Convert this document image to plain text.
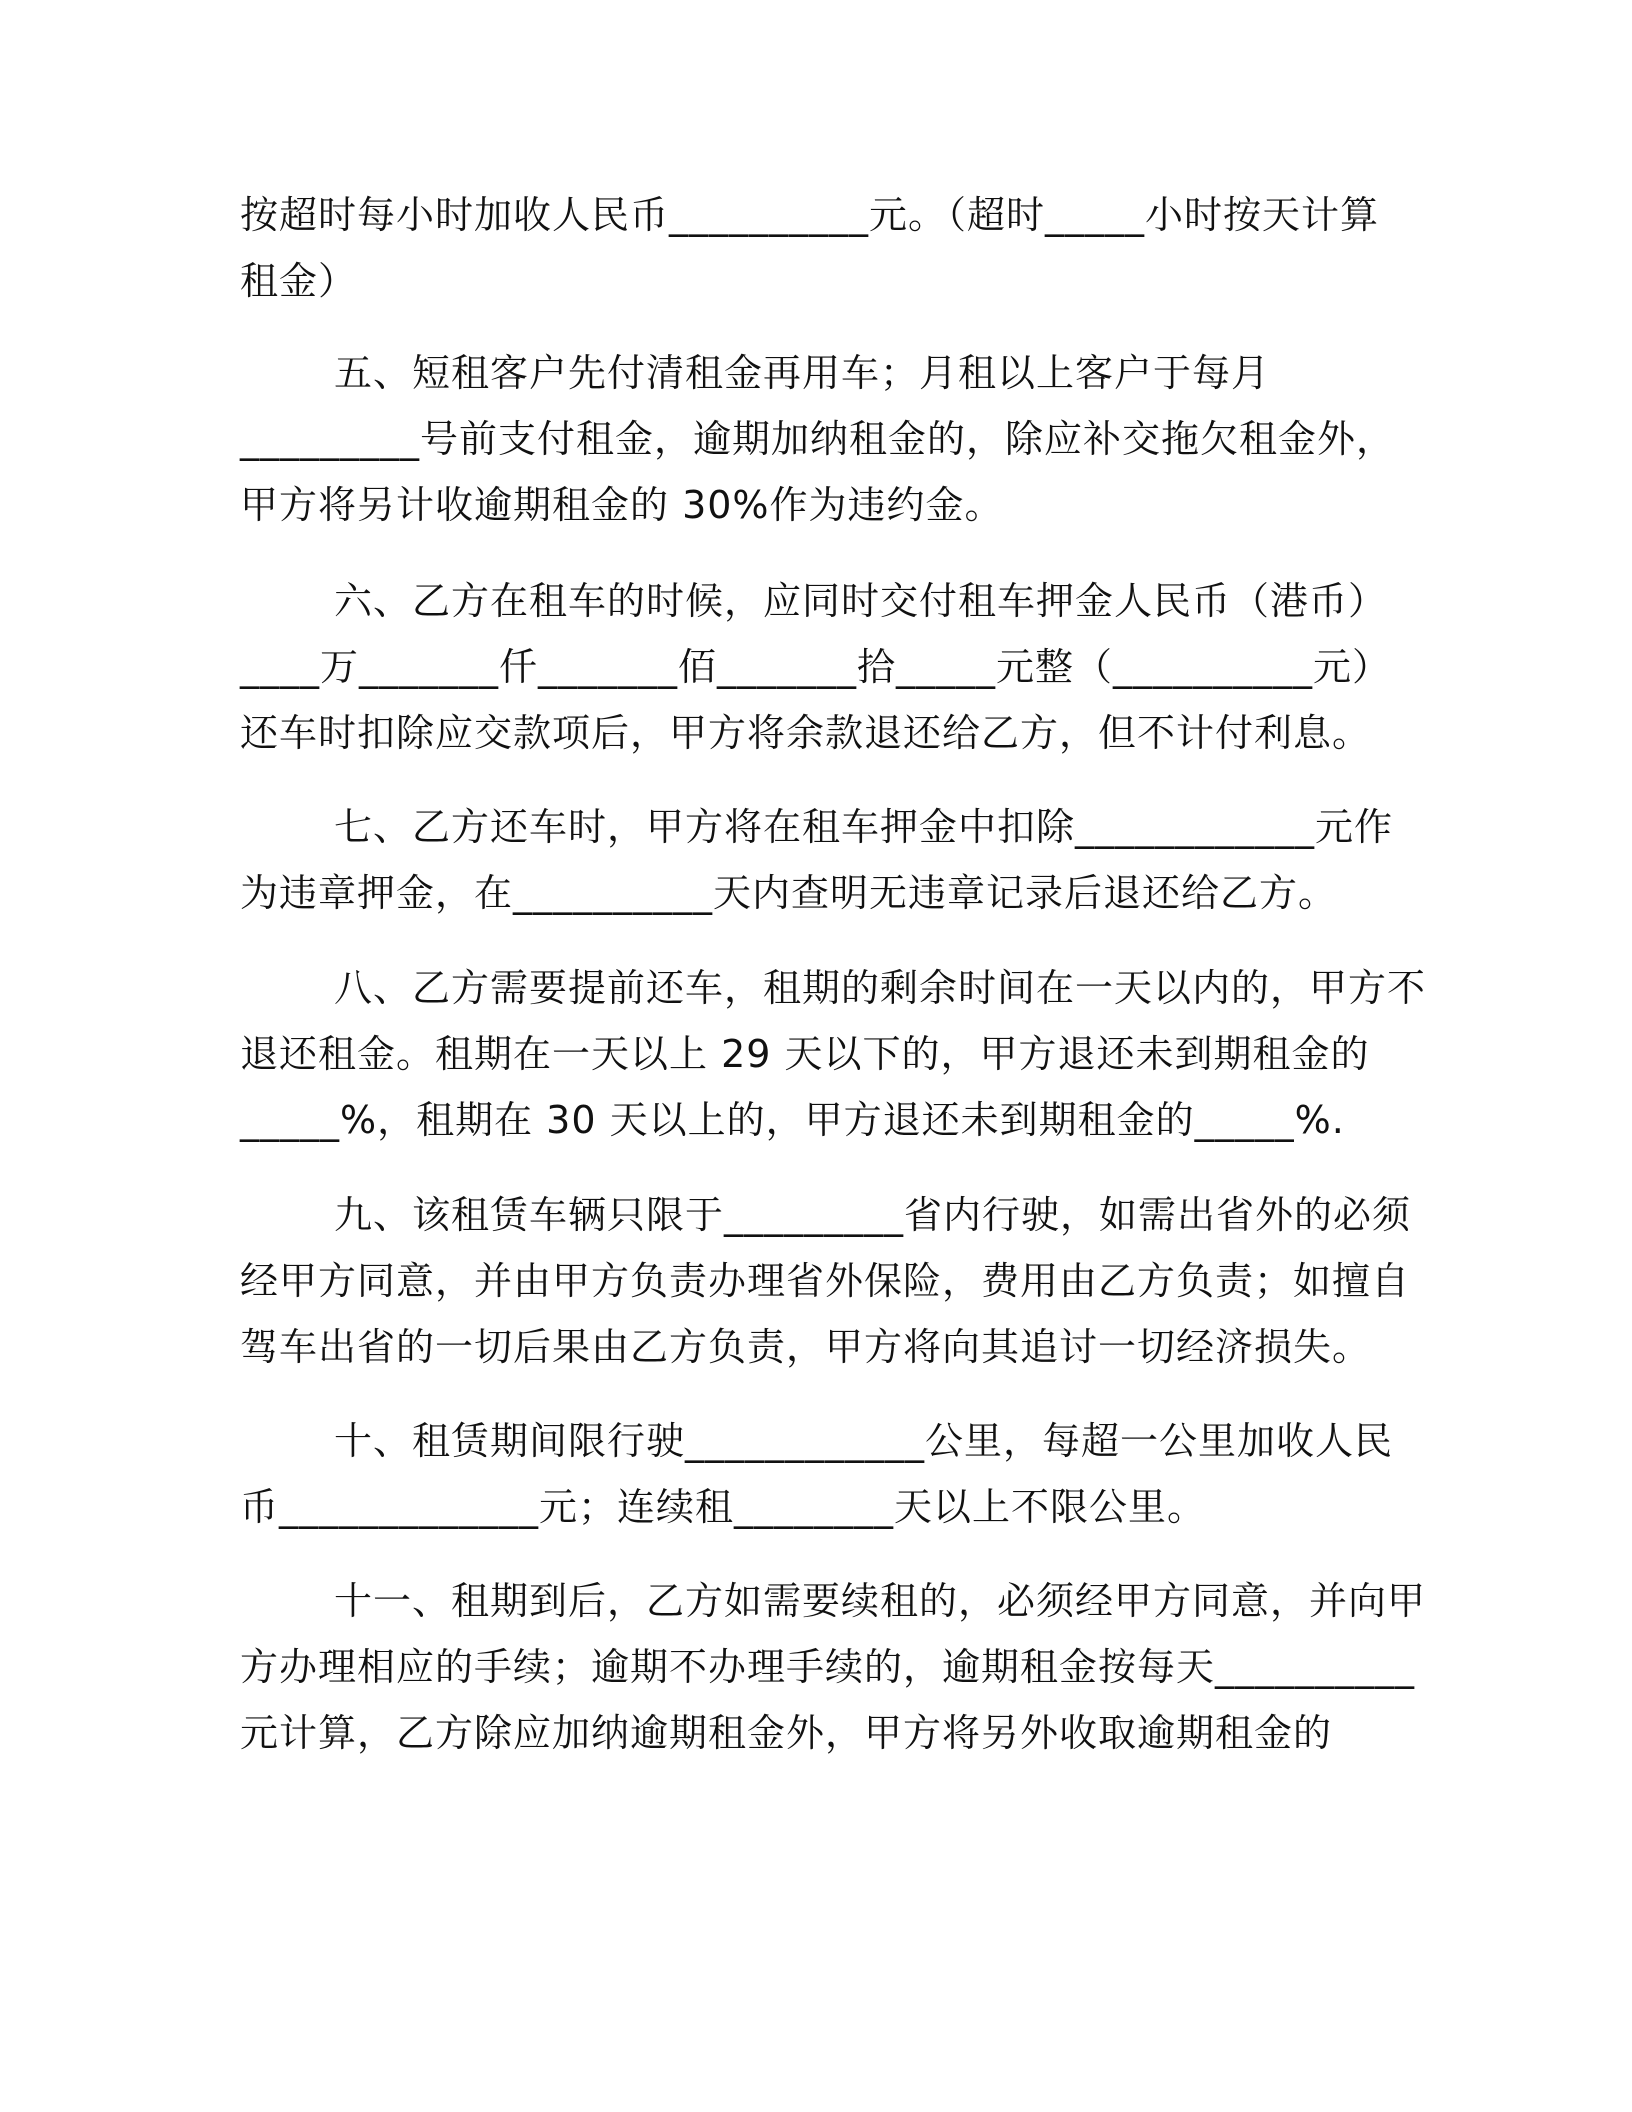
按超时每小时加收人民币__________元。（超时_____小时按天计算
租金）
五、短租客户先付清租金再用车；月租以上客户于每月
_________号前支付租金，逾期加纳租金的，除应补交拖欠租金外，
甲方将另计收逾期租金的 30%作为违约金。
六、乙方在租车的时候，应同时交付租车押金人民币（港币）
____万_______仟_______佰_______拾_____元整（__________元）
还车时扣除应交款项后，甲方将余款退还给乙方，但不计付利息。
七、乙方还车时，甲方将在租车押金中扣除____________元作
为违章押金，在__________天内查明无违章记录后退还给乙方。
八、乙方需要提前还车，租期的剩余时间在一天以内的，甲方不
退还租金。租期在一天以上 29 天以下的，甲方退还未到期租金的
_____%，租期在 30 天以上的，甲方退还未到期租金的_____%.
九、该租赁车辆只限于_________省内行驶，如需出省外的必须
经甲方同意，并由甲方负责办理省外保险，费用由乙方负责；如擅自
驾车出省的一切后果由乙方负责，甲方将向其追讨一切经济损失。
十、租赁期间限行驶____________公里，每超一公里加收人民
币_____________元；连续租________天以上不限公里。
十一、租期到后，乙方如需要续租的，必须经甲方同意，并向甲
方办理相应的手续；逾期不办理手续的，逾期租金按每天__________
元计算，乙方除应加纳逾期租金外，甲方将另外收取逾期租金的
